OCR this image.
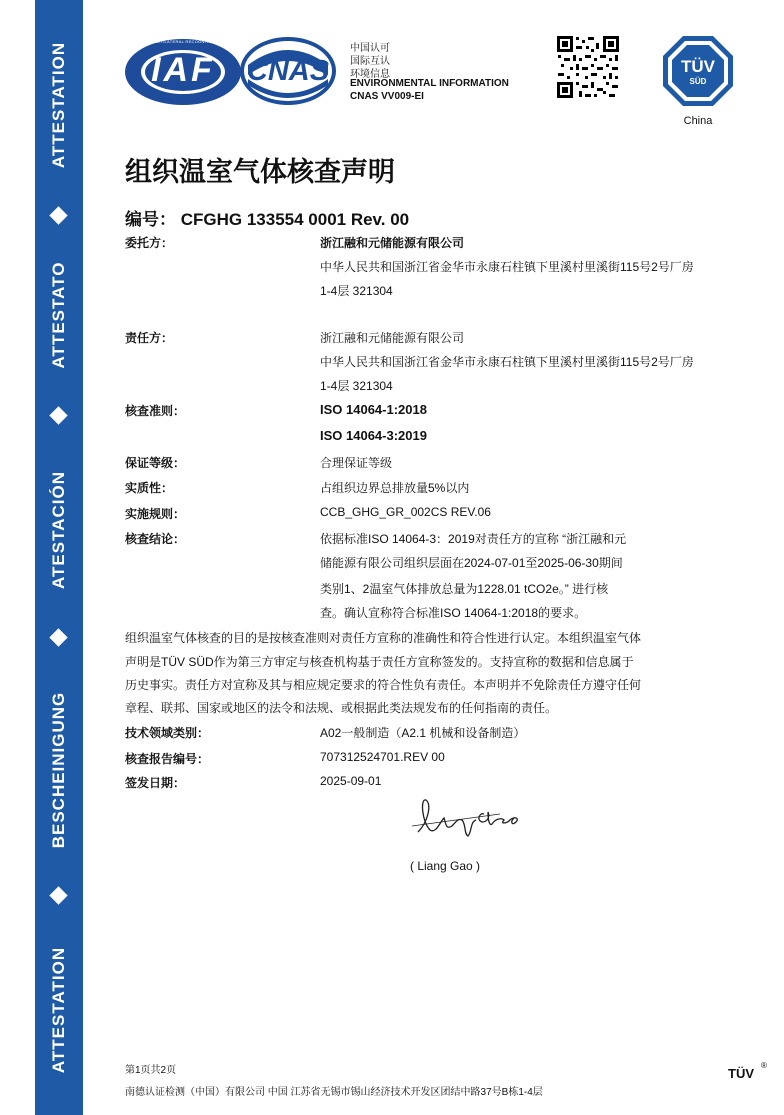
ATTESTATION
ATTESTATO
ATESTACIÓN
BESCHEINIGUNG
ATTESTATION
IAF
MEMBER OF MULTILATERAL RECOGNITION ARRANGEMENT
CNAS
中国认可
国际互认
环境信息
ENVIRONMENTAL INFORMATION
CNAS VV009-EI
TÜV
SÜD
China
组织温室气体核查声明
编号： CFGHG 133554 0001 Rev. 00
委托方：	浙江融和元储能源有限公司
中华人民共和国浙江省金华市永康石柱镇下里溪村里溪街115号2号厂房
1-4层 321304
责任方：	浙江融和元储能源有限公司
中华人民共和国浙江省金华市永康石柱镇下里溪村里溪街115号2号厂房
1-4层 321304
核查准则：	ISO 14064-1:2018
ISO 14064-3:2019
保证等级：	合理保证等级
实质性：	占组织边界总排放量5%以内
实施规则：	CCB_GHG_GR_002CS REV.06
核查结论：	依据标准ISO 14064-3：2019对责任方的宣称 “浙江融和元
储能源有限公司组织层面在2024-07-01至2025-06-30期间
类别1、2温室气体排放总量为1228.01 tCO2e。” 进行核
查。确认宣称符合标准ISO 14064-1:2018的要求。
组织温室气体核查的目的是按核查准则对责任方宣称的准确性和符合性进行认定。本组织温室气体
声明是TÜV SÜD作为第三方审定与核查机构基于责任方宣称签发的。支持宣称的数据和信息属于
历史事实。责任方对宣称及其与相应规定要求的符合性负有责任。本声明并不免除责任方遵守任何
章程、联邦、国家或地区的法令和法规、或根据此类法规发布的任何指南的责任。
技术领域类别：	A02一般制造（A2.1 机械和设备制造）
核查报告编号：	707312524701.REV 00
签发日期：	2025-09-01
( Liang Gao )
第1页共2页
南德认证检测（中国）有限公司 中国 江苏省无锡市锡山经济技术开发区团结中路37号B栋1-4层
TÜV
®
